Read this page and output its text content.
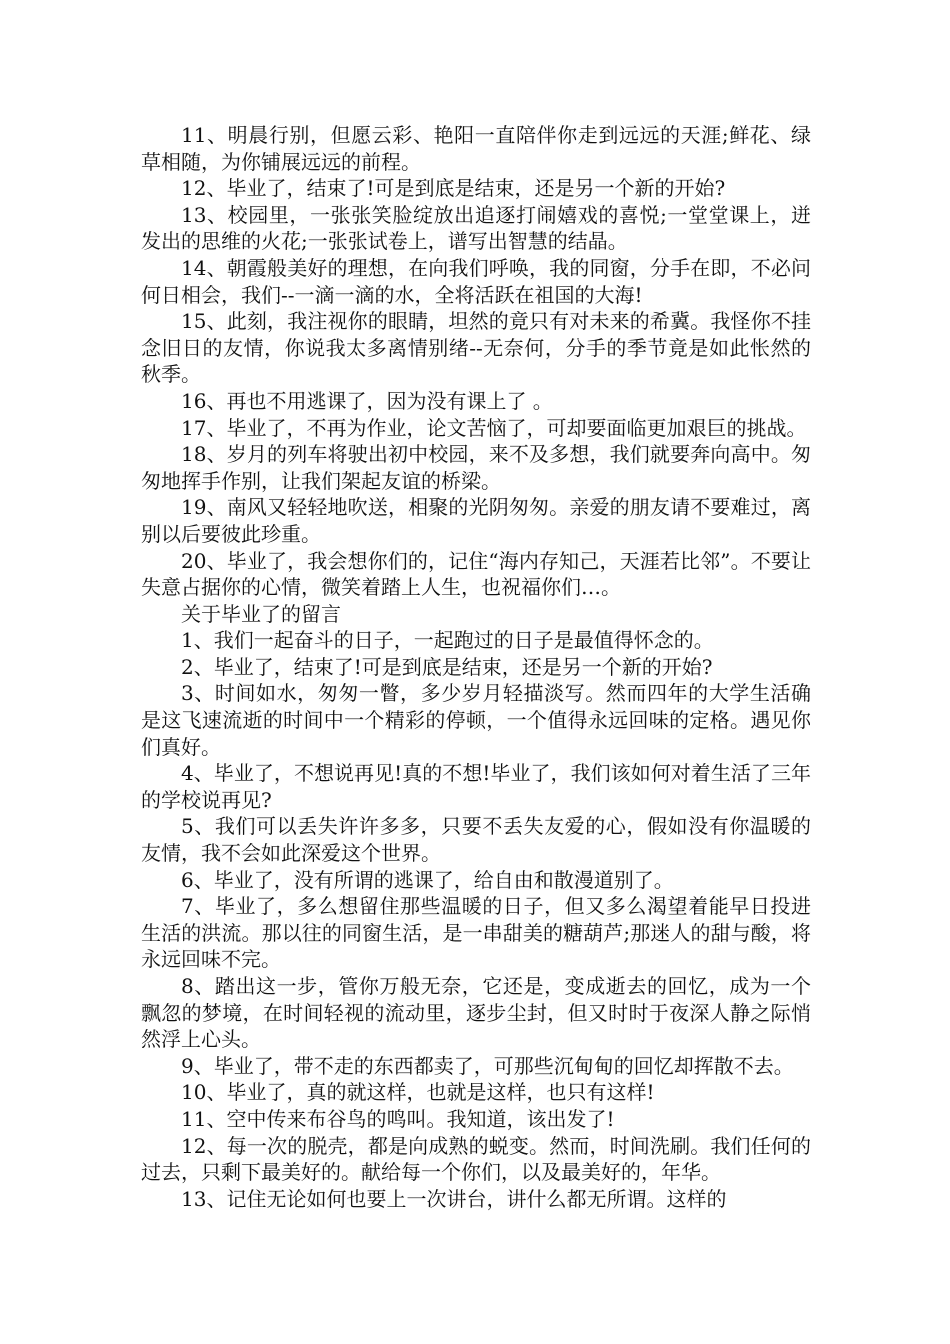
11、明晨行别，但愿云彩、艳阳一直陪伴你走到远远的天涯;鲜花、绿草相随，为你铺展远远的前程。

12、毕业了，结束了!可是到底是结束，还是另一个新的开始?

13、校园里，一张张笑脸绽放出追逐打闹嬉戏的喜悦;一堂堂课上，迸发出的思维的火花;一张张试卷上，谱写出智慧的结晶。

14、朝霞般美好的理想，在向我们呼唤，我的同窗，分手在即，不必问何日相会，我们--一滴一滴的水，全将活跃在祖国的大海!

15、此刻，我注视你的眼睛，坦然的竟只有对未来的希冀。我怪你不挂念旧日的友情，你说我太多离情别绪--无奈何，分手的季节竟是如此怅然的秋季。

16、再也不用逃课了，因为没有课上了 。

17、毕业了，不再为作业，论文苦恼了，可却要面临更加艰巨的挑战。

18、岁月的列车将驶出初中校园，来不及多想，我们就要奔向高中。匆匆地挥手作别，让我们架起友谊的桥梁。

19、南风又轻轻地吹送，相聚的光阴匆匆。亲爱的朋友请不要难过，离别以后要彼此珍重。

20、毕业了，我会想你们的，记住“海内存知己，天涯若比邻”。不要让失意占据你的心情，微笑着踏上人生，也祝福你们…。

关于毕业了的留言

1、我们一起奋斗的日子，一起跑过的日子是最值得怀念的。

2、毕业了，结束了!可是到底是结束，还是另一个新的开始?

3、时间如水，匆匆一瞥，多少岁月轻描淡写。然而四年的大学生活确是这飞速流逝的时间中一个精彩的停顿，一个值得永远回味的定格。遇见你们真好。

4、毕业了，不想说再见!真的不想!毕业了，我们该如何对着生活了三年的学校说再见?

5、我们可以丢失许许多多，只要不丢失友爱的心，假如没有你温暖的友情，我不会如此深爱这个世界。

6、毕业了，没有所谓的逃课了，给自由和散漫道别了。

7、毕业了，多么想留住那些温暖的日子，但又多么渴望着能早日投进生活的洪流。那以往的同窗生活，是一串甜美的糖葫芦;那迷人的甜与酸，将永远回味不完。

8、踏出这一步，管你万般无奈，它还是，变成逝去的回忆，成为一个飘忽的梦境，在时间轻视的流动里，逐步尘封，但又时时于夜深人静之际悄然浮上心头。

9、毕业了，带不走的东西都卖了，可那些沉甸甸的回忆却挥散不去。

10、毕业了，真的就这样，也就是这样，也只有这样!

11、空中传来布谷鸟的鸣叫。我知道，该出发了!

12、每一次的脱壳，都是向成熟的蜕变。然而，时间洗刷。我们任何的过去，只剩下最美好的。献给每一个你们，以及最美好的，年华。

13、记住无论如何也要上一次讲台，讲什么都无所谓。这样的
